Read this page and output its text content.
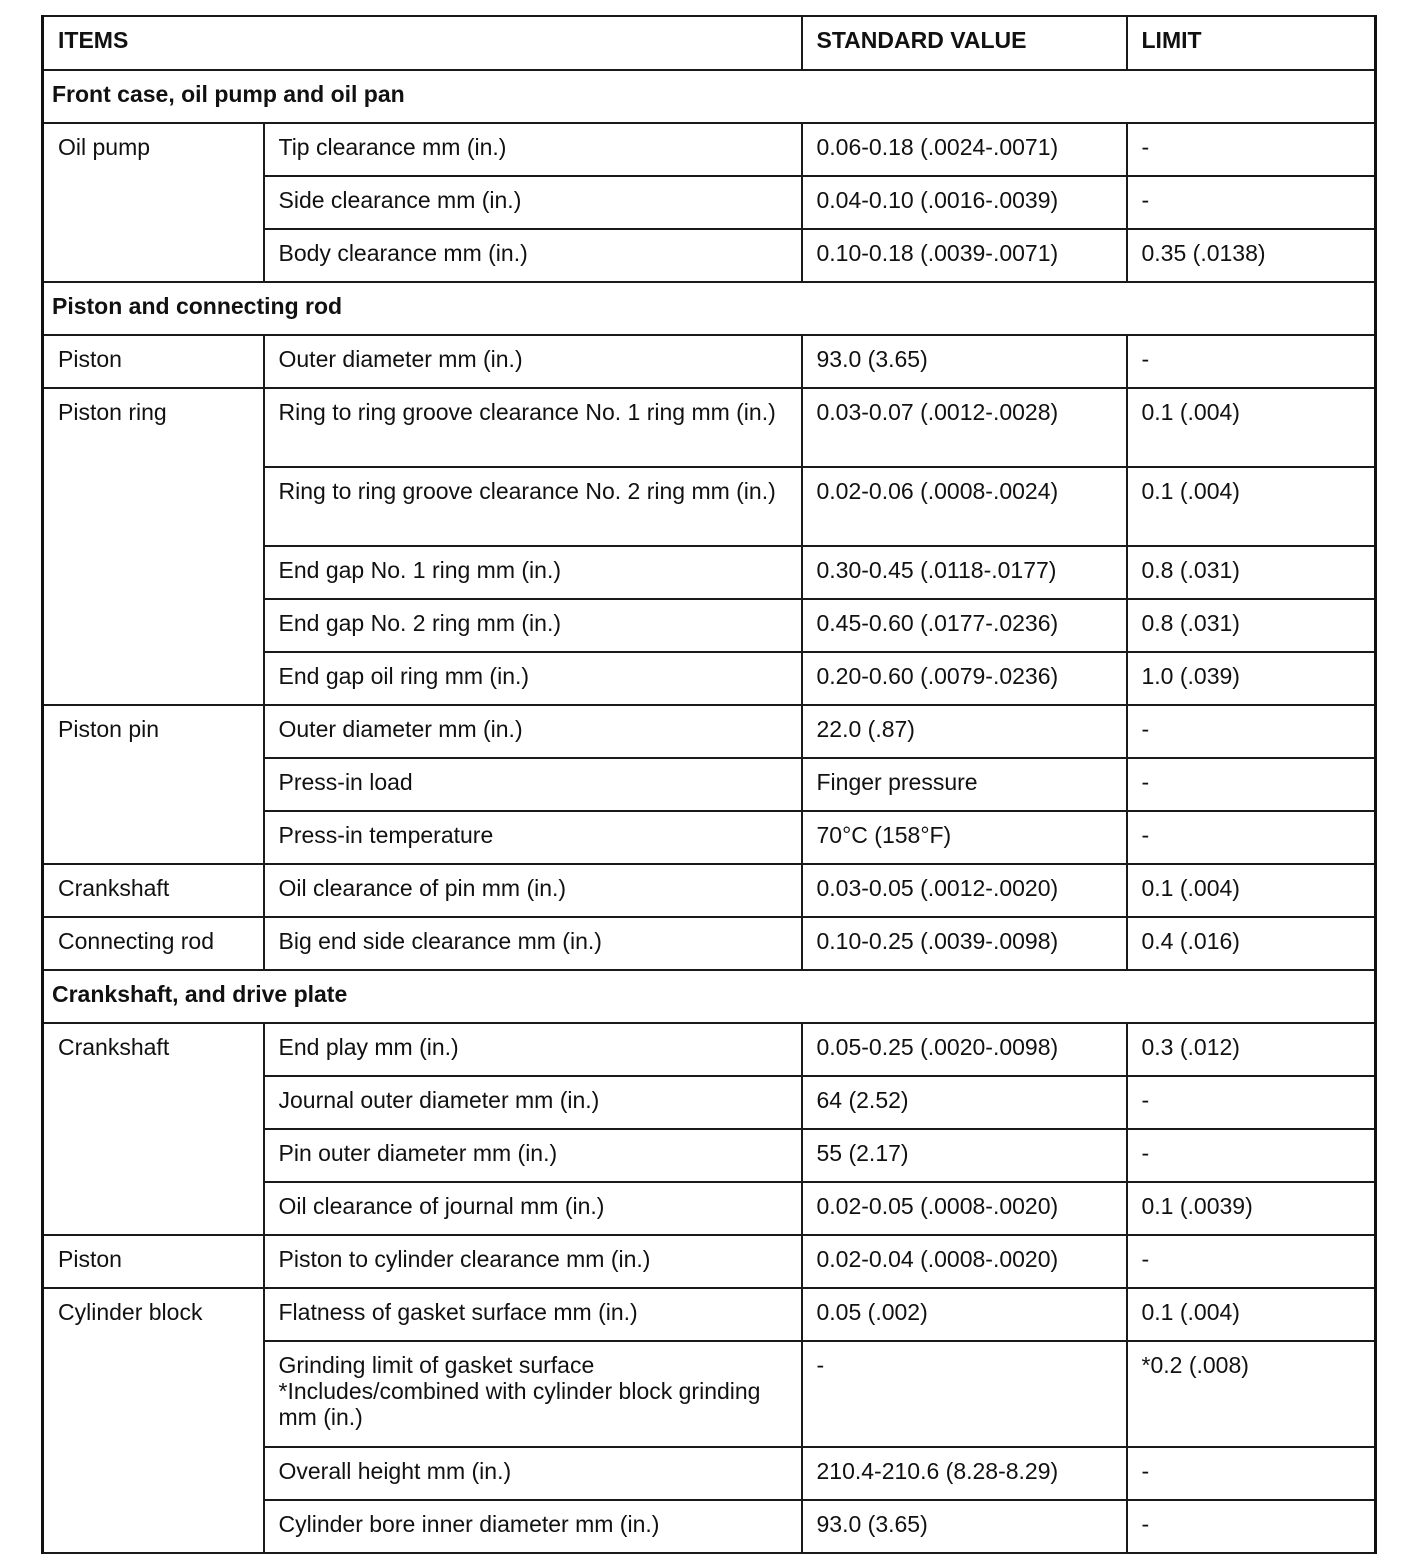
ITEMS		STANDARD VALUE	LIMIT
Front case, oil pump and oil pan			
Oil pump	Tip clearance mm (in.)	0.06-0.18 (.0024-.0071)	-
	Side clearance mm (in.)	0.04-0.10 (.0016-.0039)	-
	Body clearance mm (in.)	0.10-0.18 (.0039-.0071)	0.35 (.0138)
Piston and connecting rod			
Piston	Outer diameter mm (in.)	93.0 (3.65)	-
Piston ring	Ring to ring groove clearance No. 1 ring mm (in.)	0.03-0.07 (.0012-.0028)	0.1 (.004)
	Ring to ring groove clearance No. 2 ring mm (in.)	0.02-0.06 (.0008-.0024)	0.1 (.004)
	End gap No. 1 ring mm (in.)	0.30-0.45 (.0118-.0177)	0.8 (.031)
	End gap No. 2 ring mm (in.)	0.45-0.60 (.0177-.0236)	0.8 (.031)
	End gap oil ring mm (in.)	0.20-0.60 (.0079-.0236)	1.0 (.039)
Piston pin	Outer diameter mm (in.)	22.0 (.87)	-
	Press-in load	Finger pressure	-
	Press-in temperature	70°C (158°F)	-
Crankshaft	Oil clearance of pin mm (in.)	0.03-0.05 (.0012-.0020)	0.1 (.004)
Connecting rod	Big end side clearance mm (in.)	0.10-0.25 (.0039-.0098)	0.4 (.016)
Crankshaft, and drive plate			
Crankshaft	End play mm (in.)	0.05-0.25 (.0020-.0098)	0.3 (.012)
	Journal outer diameter mm (in.)	64 (2.52)	-
	Pin outer diameter mm (in.)	55 (2.17)	-
	Oil clearance of journal mm (in.)	0.02-0.05 (.0008-.0020)	0.1 (.0039)
Piston	Piston to cylinder clearance mm (in.)	0.02-0.04 (.0008-.0020)	-
Cylinder block	Flatness of gasket surface mm (in.)	0.05 (.002)	0.1 (.004)
	Grinding limit of gasket surface *Includes/combined with cylinder block grinding mm (in.)	-	*0.2 (.008)
	Overall height mm (in.)	210.4-210.6 (8.28-8.29)	-
	Cylinder bore inner diameter mm (in.)	93.0 (3.65)	-
